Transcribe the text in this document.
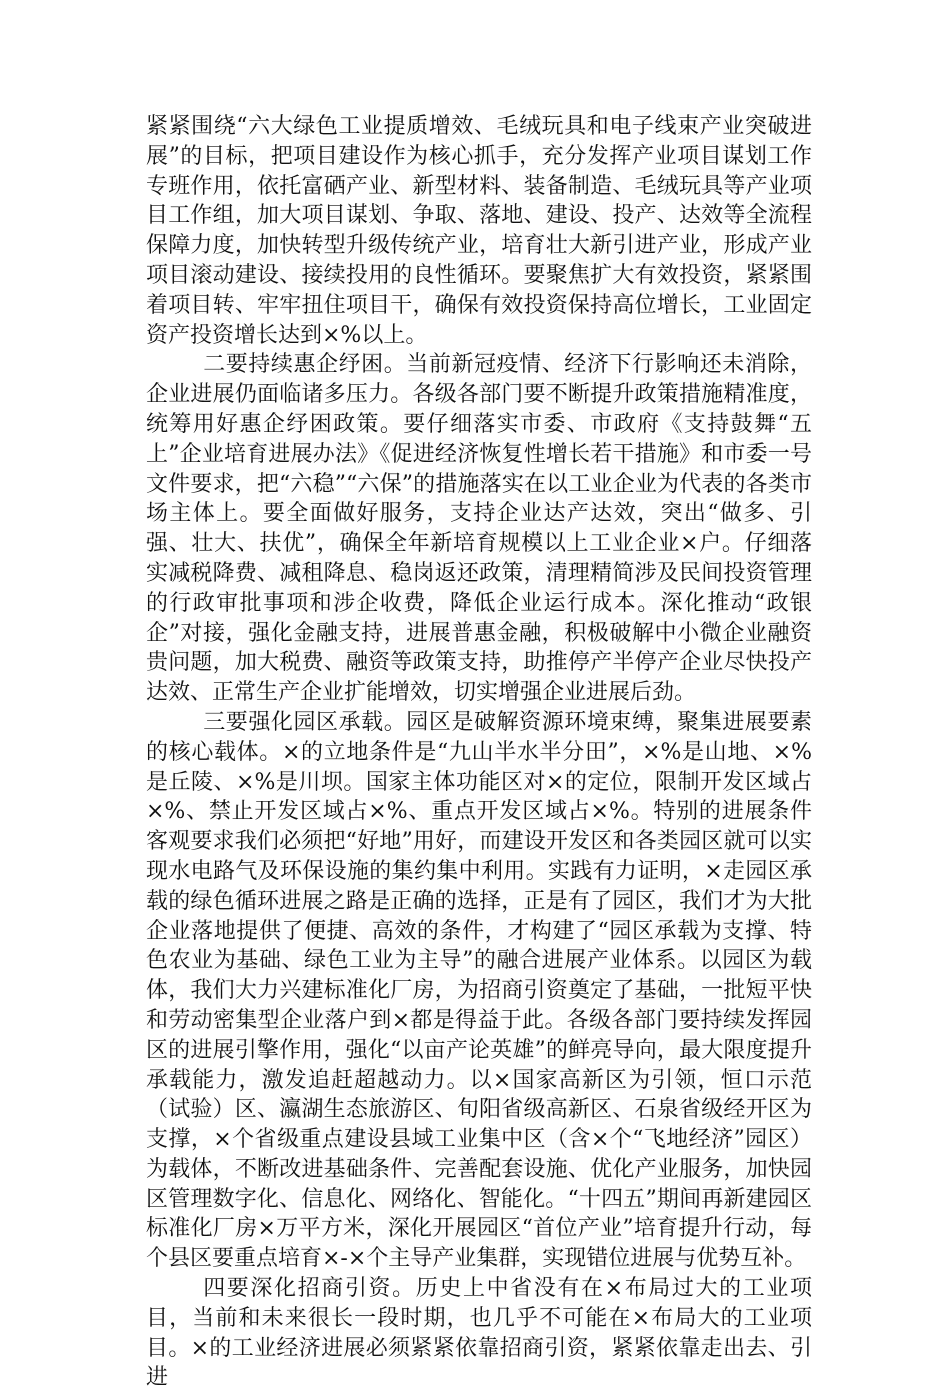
紧紧围绕“六大绿色工业提质增效、毛绒玩具和电子线束产业突破进展”的目标，把项目建设作为核心抓手，充分发挥产业项目谋划工作专班作用，依托富硒产业、新型材料、装备制造、毛绒玩具等产业项目工作组，加大项目谋划、争取、落地、建设、投产、达效等全流程保障力度，加快转型升级传统产业，培育壮大新引进产业，形成产业项目滚动建设、接续投用的良性循环。要聚焦扩大有效投资，紧紧围着项目转、牢牢扭住项目干，确保有效投资保持高位增长，工业固定资产投资增长达到×%以上。

二要持续惠企纾困。当前新冠疫情、经济下行影响还未消除，企业进展仍面临诸多压力。各级各部门要不断提升政策措施精准度，统筹用好惠企纾困政策。要仔细落实市委、市政府《支持鼓舞“五上”企业培育进展办法》《促进经济恢复性增长若干措施》和市委一号文件要求，把“六稳”“六保”的措施落实在以工业企业为代表的各类市场主体上。要全面做好服务，支持企业达产达效，突出“做多、引强、壮大、扶优”，确保全年新培育规模以上工业企业×户。仔细落实减税降费、减租降息、稳岗返还政策，清理精简涉及民间投资管理的行政审批事项和涉企收费，降低企业运行成本。深化推动“政银企”对接，强化金融支持，进展普惠金融，积极破解中小微企业融资贵问题，加大税费、融资等政策支持，助推停产半停产企业尽快投产达效、正常生产企业扩能增效，切实增强企业进展后劲。

三要强化园区承载。园区是破解资源环境束缚，聚集进展要素的核心载体。×的立地条件是“九山半水半分田”，×%是山地、×%是丘陵、×%是川坝。国家主体功能区对×的定位，限制开发区域占×%、禁止开发区域占×%、重点开发区域占×%。特别的进展条件客观要求我们必须把“好地”用好，而建设开发区和各类园区就可以实现水电路气及环保设施的集约集中利用。实践有力证明，×走园区承载的绿色循环进展之路是正确的选择，正是有了园区，我们才为大批企业落地提供了便捷、高效的条件，才构建了“园区承载为支撑、特色农业为基础、绿色工业为主导”的融合进展产业体系。以园区为载体，我们大力兴建标准化厂房，为招商引资奠定了基础，一批短平快和劳动密集型企业落户到×都是得益于此。各级各部门要持续发挥园区的进展引擎作用，强化“以亩产论英雄”的鲜亮导向，最大限度提升承载能力，激发追赶超越动力。以×国家高新区为引领，恒口示范（试验）区、瀛湖生态旅游区、旬阳省级高新区、石泉省级经开区为支撑，×个省级重点建设县域工业集中区（含×个“飞地经济”园区）为载体，不断改进基础条件、完善配套设施、优化产业服务，加快园区管理数字化、信息化、网络化、智能化。“十四五”期间再新建园区标准化厂房×万平方米，深化开展园区“首位产业”培育提升行动，每个县区要重点培育×-×个主导产业集群，实现错位进展与优势互补。

四要深化招商引资。历史上中省没有在×布局过大的工业项目，当前和未来很长一段时期，也几乎不可能在×布局大的工业项目。×的工业经济进展必须紧紧依靠招商引资，紧紧依靠走出去、引进
